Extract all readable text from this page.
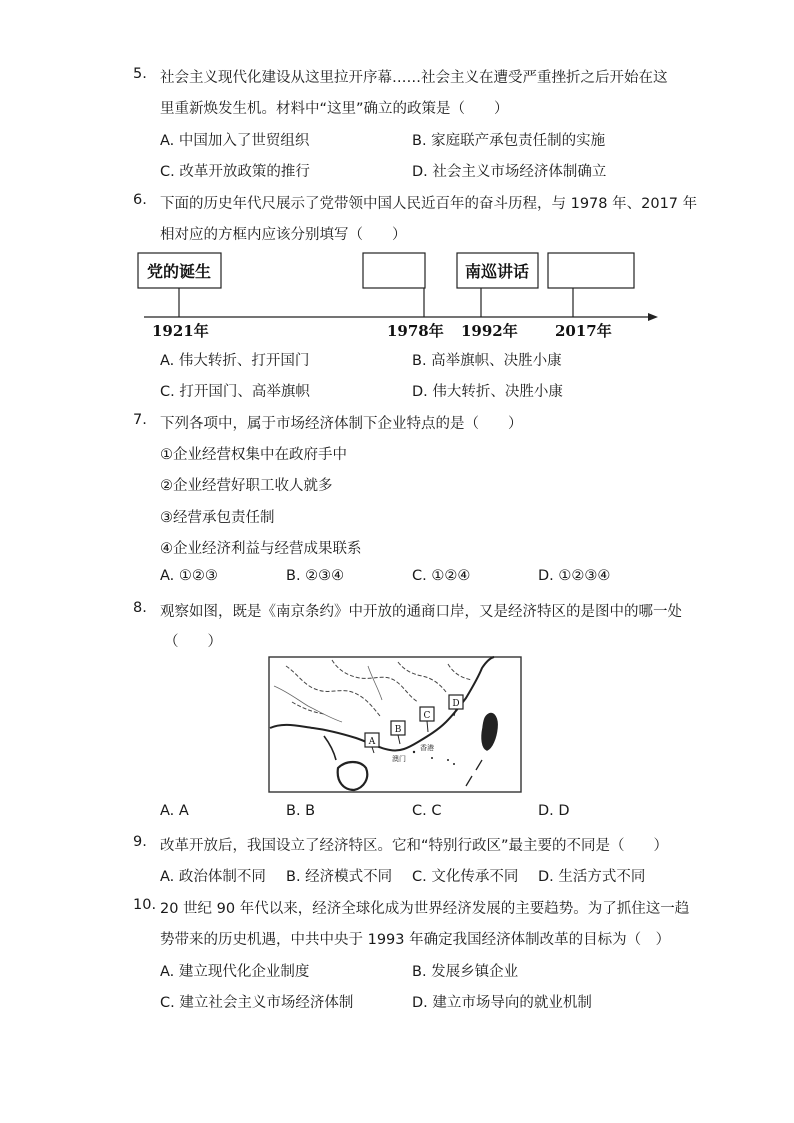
5. 社会主义现代化建设从这里拉开序幕……社会主义在遭受严重挫折之后开始在这
里重新焕发生机。材料中“这里”确立的政策是（　　）
A. 中国加入了世贸组织	B. 家庭联产承包责任制的实施
C. 改革开放政策的推行	D. 社会主义市场经济体制确立
6. 下面的历史年代尺展示了党带领中国人民近百年的奋斗历程，与 1978 年、2017 年
相对应的方框内应该分别填写（　　）
党的诞生	南巡讲话
1921年	1978年 1992年 2017年
A. 伟大转折、打开国门	B. 高举旗帜、决胜小康
C. 打开国门、高举旗帜	D. 伟大转折、决胜小康
7. 下列各项中，属于市场经济体制下企业特点的是（　　）
①企业经营权集中在政府手中
②企业经营好职工收人就多
③经营承包责任制
④企业经济利益与经营成果联系
A. ①②③	B. ②③④	C. ①②④	D. ①②③④
8. 观察如图，既是《南京条约》中开放的通商口岸，又是经济特区的是图中的哪一处
（　　）
A
B
C
D
香港
澳门
A. A	B. B	C. C	D. D
9. 改革开放后，我国设立了经济特区。它和“特别行政区”最主要的不同是（　　）
A. 政治体制不同 B. 经济模式不同 C. 文化传承不同 D. 生活方式不同
10. 20 世纪 90 年代以来，经济全球化成为世界经济发展的主要趋势。为了抓住这一趋
势带来的历史机遇，中共中央于 1993 年确定我国经济体制改革的目标为（　）
A. 建立现代化企业制度	B. 发展乡镇企业
C. 建立社会主义市场经济体制	D. 建立市场导向的就业机制
